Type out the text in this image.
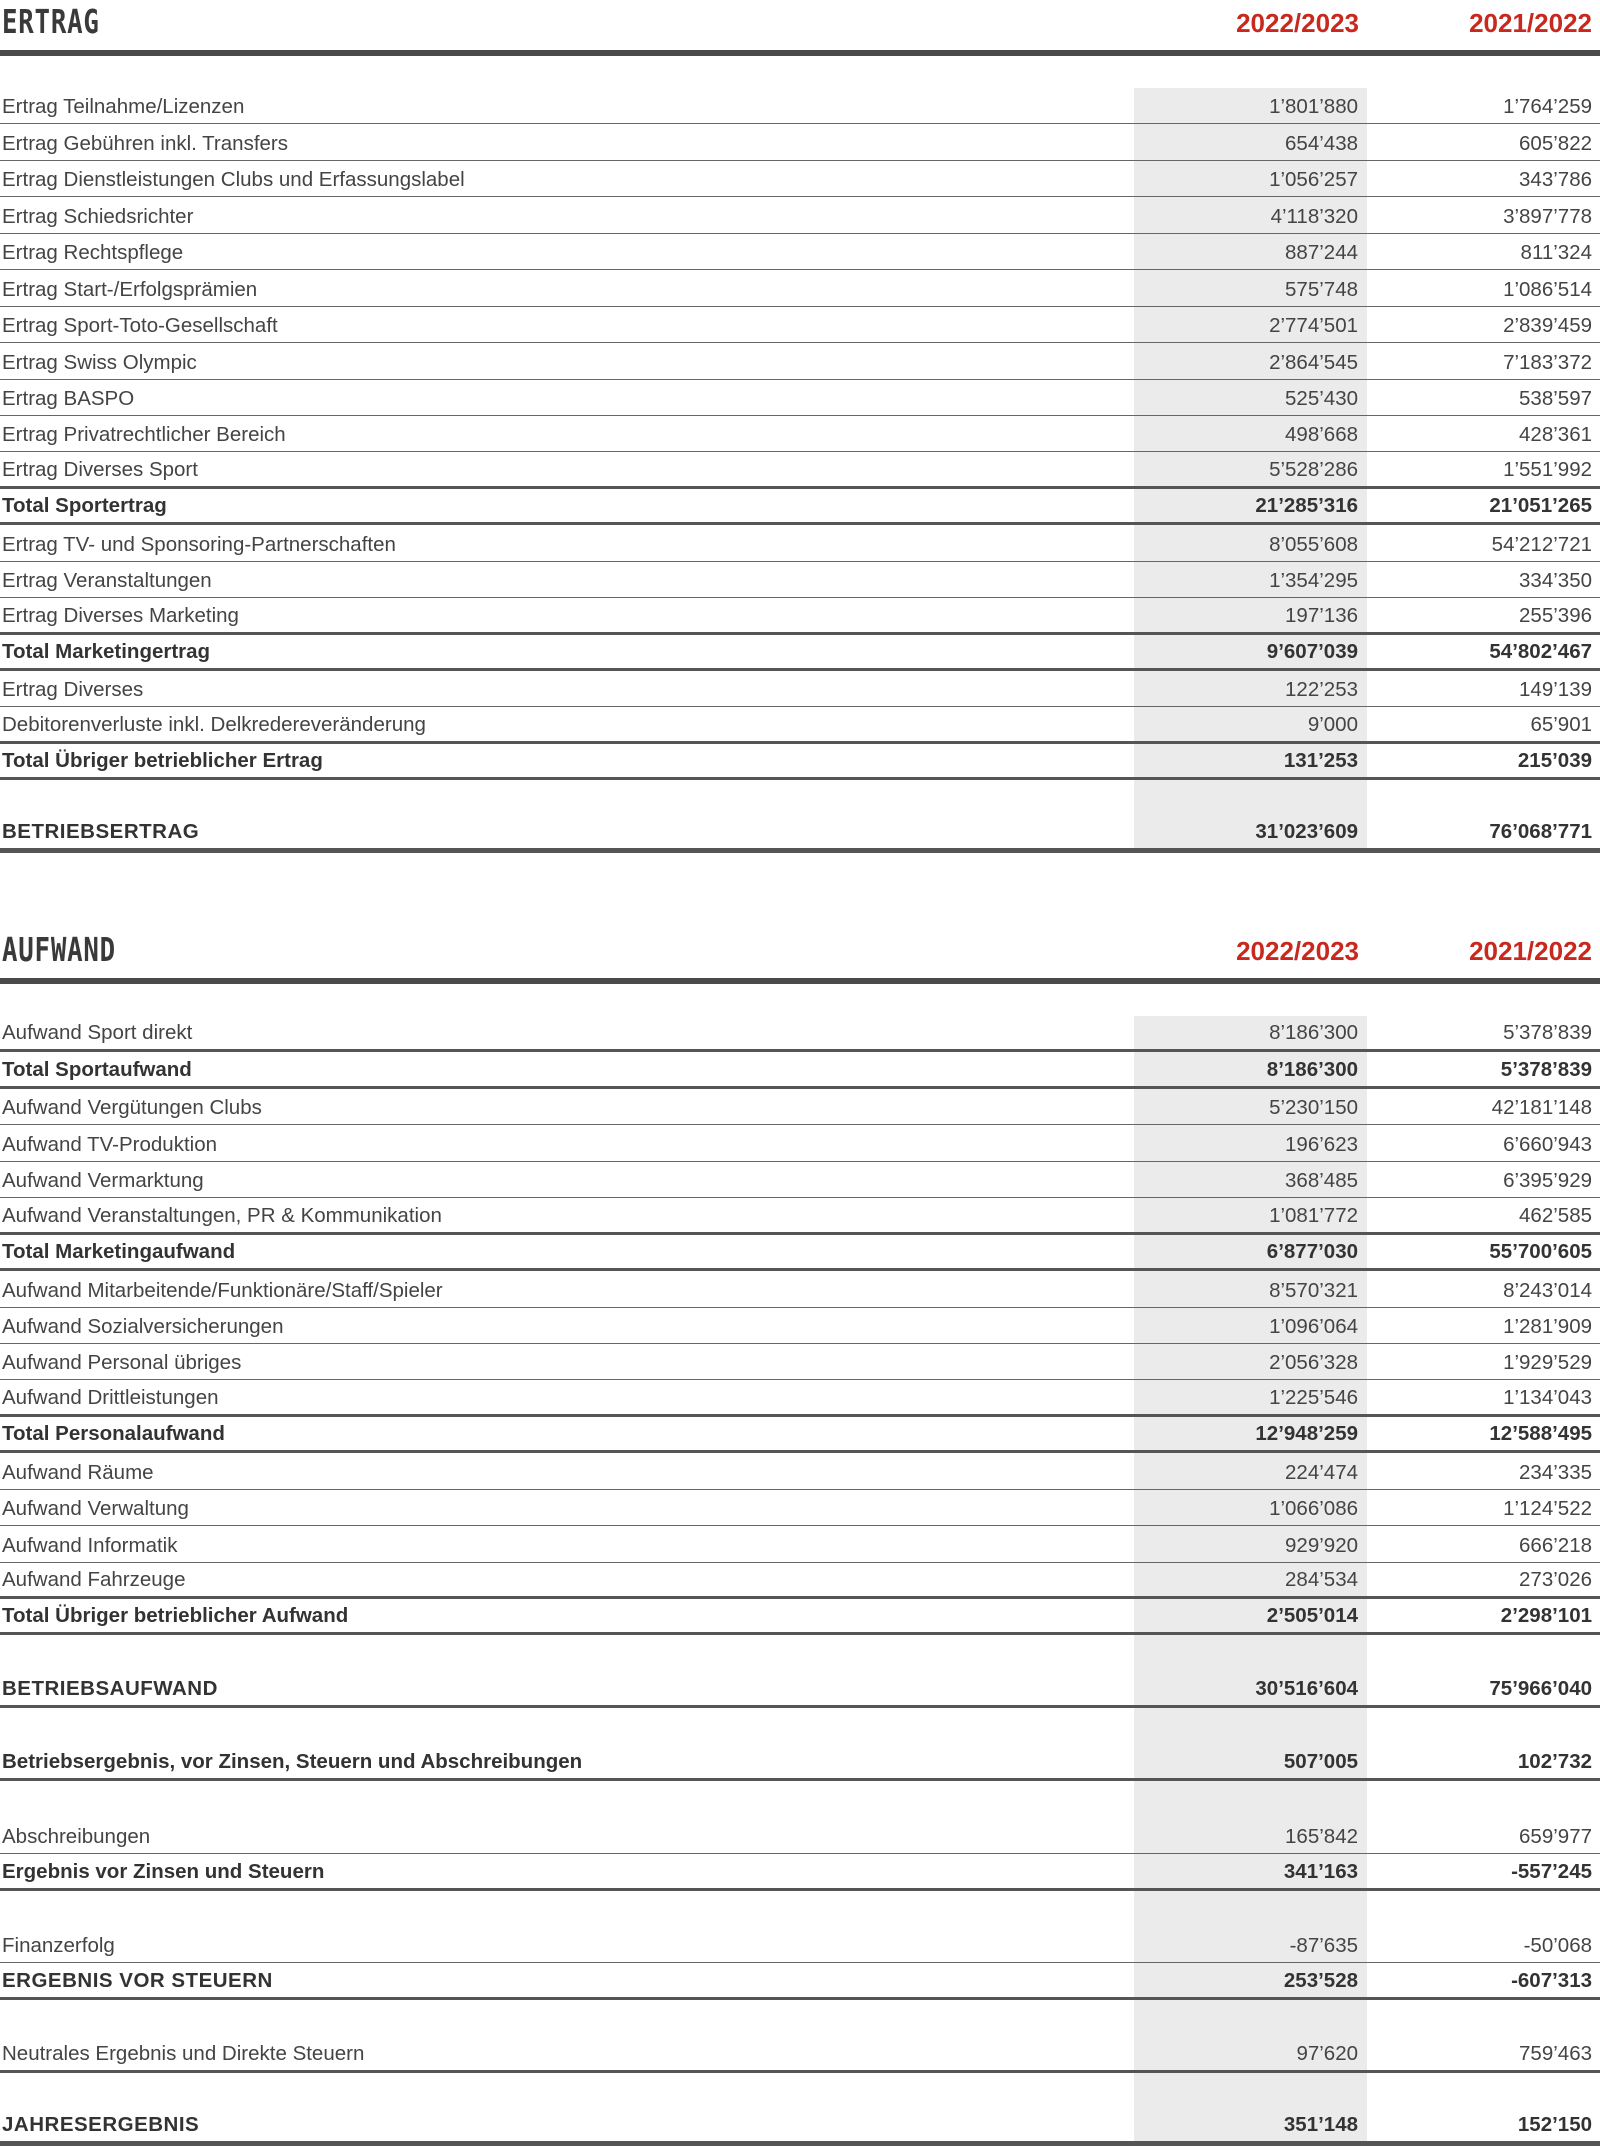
ERTRAG	2022/2023	2021/2022
Ertrag Teilnahme/Lizenzen	1’801’880	1’764’259
Ertrag Gebühren inkl. Transfers	654’438	605’822
Ertrag Dienstleistungen Clubs und Erfassungslabel	1’056’257	343’786
Ertrag Schiedsrichter	4’118’320	3’897’778
Ertrag Rechtspflege	887’244	811’324
Ertrag Start-/Erfolgsprämien	575’748	1’086’514
Ertrag Sport-Toto-Gesellschaft	2’774’501	2’839’459
Ertrag Swiss Olympic	2’864’545	7’183’372
Ertrag BASPO	525’430	538’597
Ertrag Privatrechtlicher Bereich	498’668	428’361
Ertrag Diverses Sport	5’528’286	1’551’992
Total Sportertrag	21’285’316	21’051’265
Ertrag TV- und Sponsoring-Partnerschaften	8’055’608	54’212’721
Ertrag Veranstaltungen	1’354’295	334’350
Ertrag Diverses Marketing	197’136	255’396
Total Marketingertrag	9’607’039	54’802’467
Ertrag Diverses	122’253	149’139
Debitorenverluste inkl. Delkredereveränderung	9’000	65’901
Total Übriger betrieblicher Ertrag	131’253	215’039
BETRIEBSERTRAG	31’023’609	76’068’771
AUFWAND	2022/2023	2021/2022
Aufwand Sport direkt	8’186’300	5’378’839
Total Sportaufwand	8’186’300	5’378’839
Aufwand Vergütungen Clubs	5’230’150	42’181’148
Aufwand TV-Produktion	196’623	6’660’943
Aufwand Vermarktung	368’485	6’395’929
Aufwand Veranstaltungen, PR & Kommunikation	1’081’772	462’585
Total Marketingaufwand	6’877’030	55’700’605
Aufwand Mitarbeitende/Funktionäre/Staff/Spieler	8’570’321	8’243’014
Aufwand Sozialversicherungen	1’096’064	1’281’909
Aufwand Personal übriges	2’056’328	1’929’529
Aufwand Drittleistungen	1’225’546	1’134’043
Total Personalaufwand	12’948’259	12’588’495
Aufwand Räume	224’474	234’335
Aufwand Verwaltung	1’066’086	1’124’522
Aufwand Informatik	929’920	666’218
Aufwand Fahrzeuge	284’534	273’026
Total Übriger betrieblicher Aufwand	2’505’014	2’298’101
BETRIEBSAUFWAND	30’516’604	75’966’040
Betriebsergebnis, vor Zinsen, Steuern und Abschreibungen	507’005	102’732
Abschreibungen	165’842	659’977
Ergebnis vor Zinsen und Steuern	341’163	-557’245
Finanzerfolg	-87’635	-50’068
ERGEBNIS VOR STEUERN	253’528	-607’313
Neutrales Ergebnis und Direkte Steuern	97’620	759’463
JAHRESERGEBNIS	351’148	152’150
